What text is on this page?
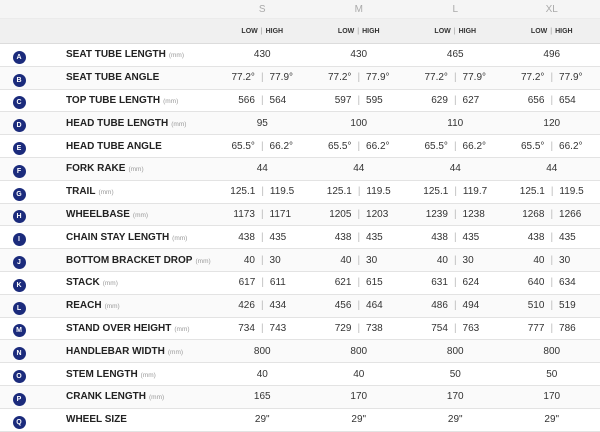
		S	M	L	XL
		LOW | HIGH	LOW | HIGH	LOW | HIGH	LOW | HIGH
A	SEAT TUBE LENGTH (mm)	430	430	465	496
B	SEAT TUBE ANGLE	77.2° | 77.9°	77.2° | 77.9°	77.2° | 77.9°	77.2° | 77.9°
C	TOP TUBE LENGTH (mm)	566 | 564	597 | 595	629 | 627	656 | 654
D	HEAD TUBE LENGTH (mm)	95	100	110	120
E	HEAD TUBE ANGLE	65.5° | 66.2°	65.5° | 66.2°	65.5° | 66.2°	65.5° | 66.2°
F	FORK RAKE (mm)	44	44	44	44
G	TRAIL (mm)	125.1 | 119.5	125.1 | 119.5	125.1 | 119.7	125.1 | 119.5
H	WHEELBASE (mm)	1173 | 1171	1205 | 1203	1239 | 1238	1268 | 1266
I	CHAIN STAY LENGTH (mm)	438 | 435	438 | 435	438 | 435	438 | 435
J	BOTTOM BRACKET DROP (mm)	40 | 30	40 | 30	40 | 30	40 | 30
K	STACK (mm)	617 | 611	621 | 615	631 | 624	640 | 634
L	REACH (mm)	426 | 434	456 | 464	486 | 494	510 | 519
M	STAND OVER HEIGHT (mm)	734 | 743	729 | 738	754 | 763	777 | 786
N	HANDLEBAR WIDTH (mm)	800	800	800	800
O	STEM LENGTH (mm)	40	40	50	50
P	CRANK LENGTH (mm)	165	170	170	170
Q	WHEEL SIZE	29"	29"	29"	29"
